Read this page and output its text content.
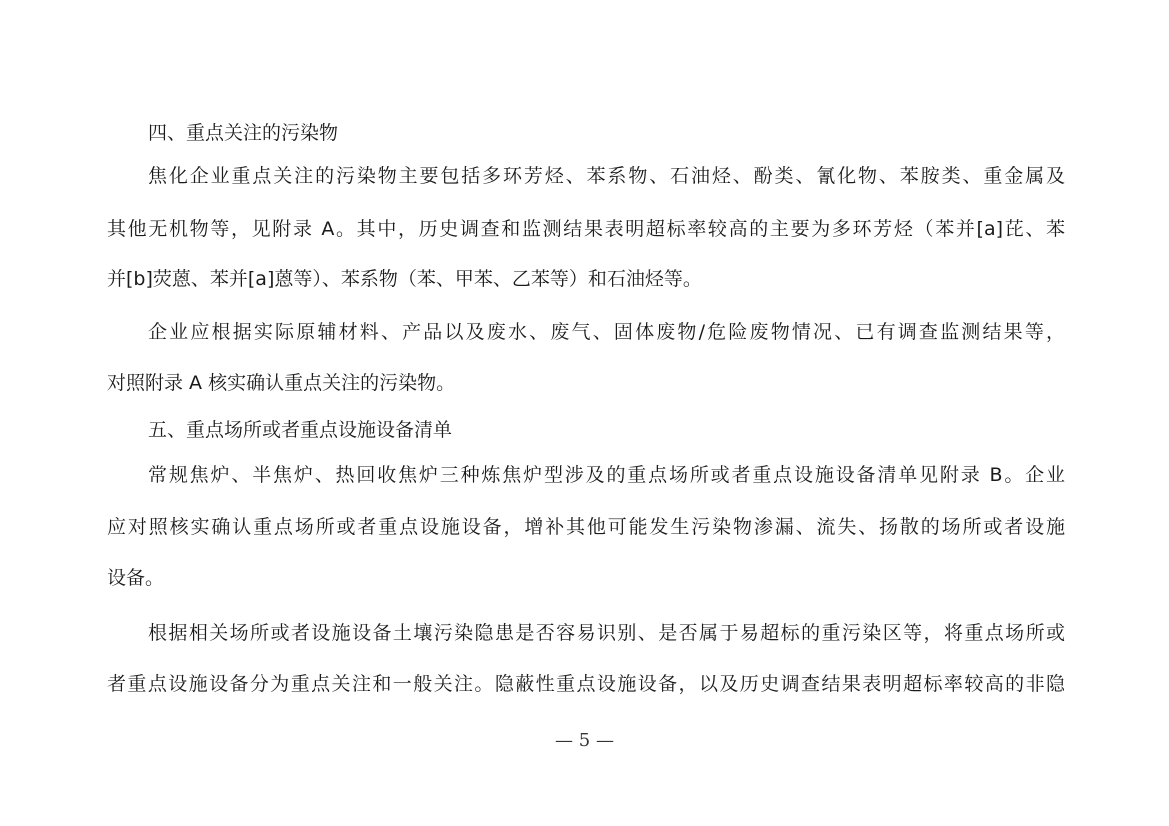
四、重点关注的污染物
焦化企业重点关注的污染物主要包括多环芳烃、苯系物、石油烃、酚类、氰化物、苯胺类、重金属及
其他无机物等，见附录 A。其中，历史调查和监测结果表明超标率较高的主要为多环芳烃（苯并[a]芘、苯
并[b]荧蒽、苯并[a]蒽等）、苯系物（苯、甲苯、乙苯等）和石油烃等。
企业应根据实际原辅材料、产品以及废水、废气、固体废物/危险废物情况、已有调查监测结果等，
对照附录 A 核实确认重点关注的污染物。
五、重点场所或者重点设施设备清单
常规焦炉、半焦炉、热回收焦炉三种炼焦炉型涉及的重点场所或者重点设施设备清单见附录 B。企业
应对照核实确认重点场所或者重点设施设备，增补其他可能发生污染物渗漏、流失、扬散的场所或者设施
设备。
根据相关场所或者设施设备土壤污染隐患是否容易识别、是否属于易超标的重污染区等，将重点场所或
者重点设施设备分为重点关注和一般关注。隐蔽性重点设施设备，以及历史调查结果表明超标率较高的非隐
— 5 —
